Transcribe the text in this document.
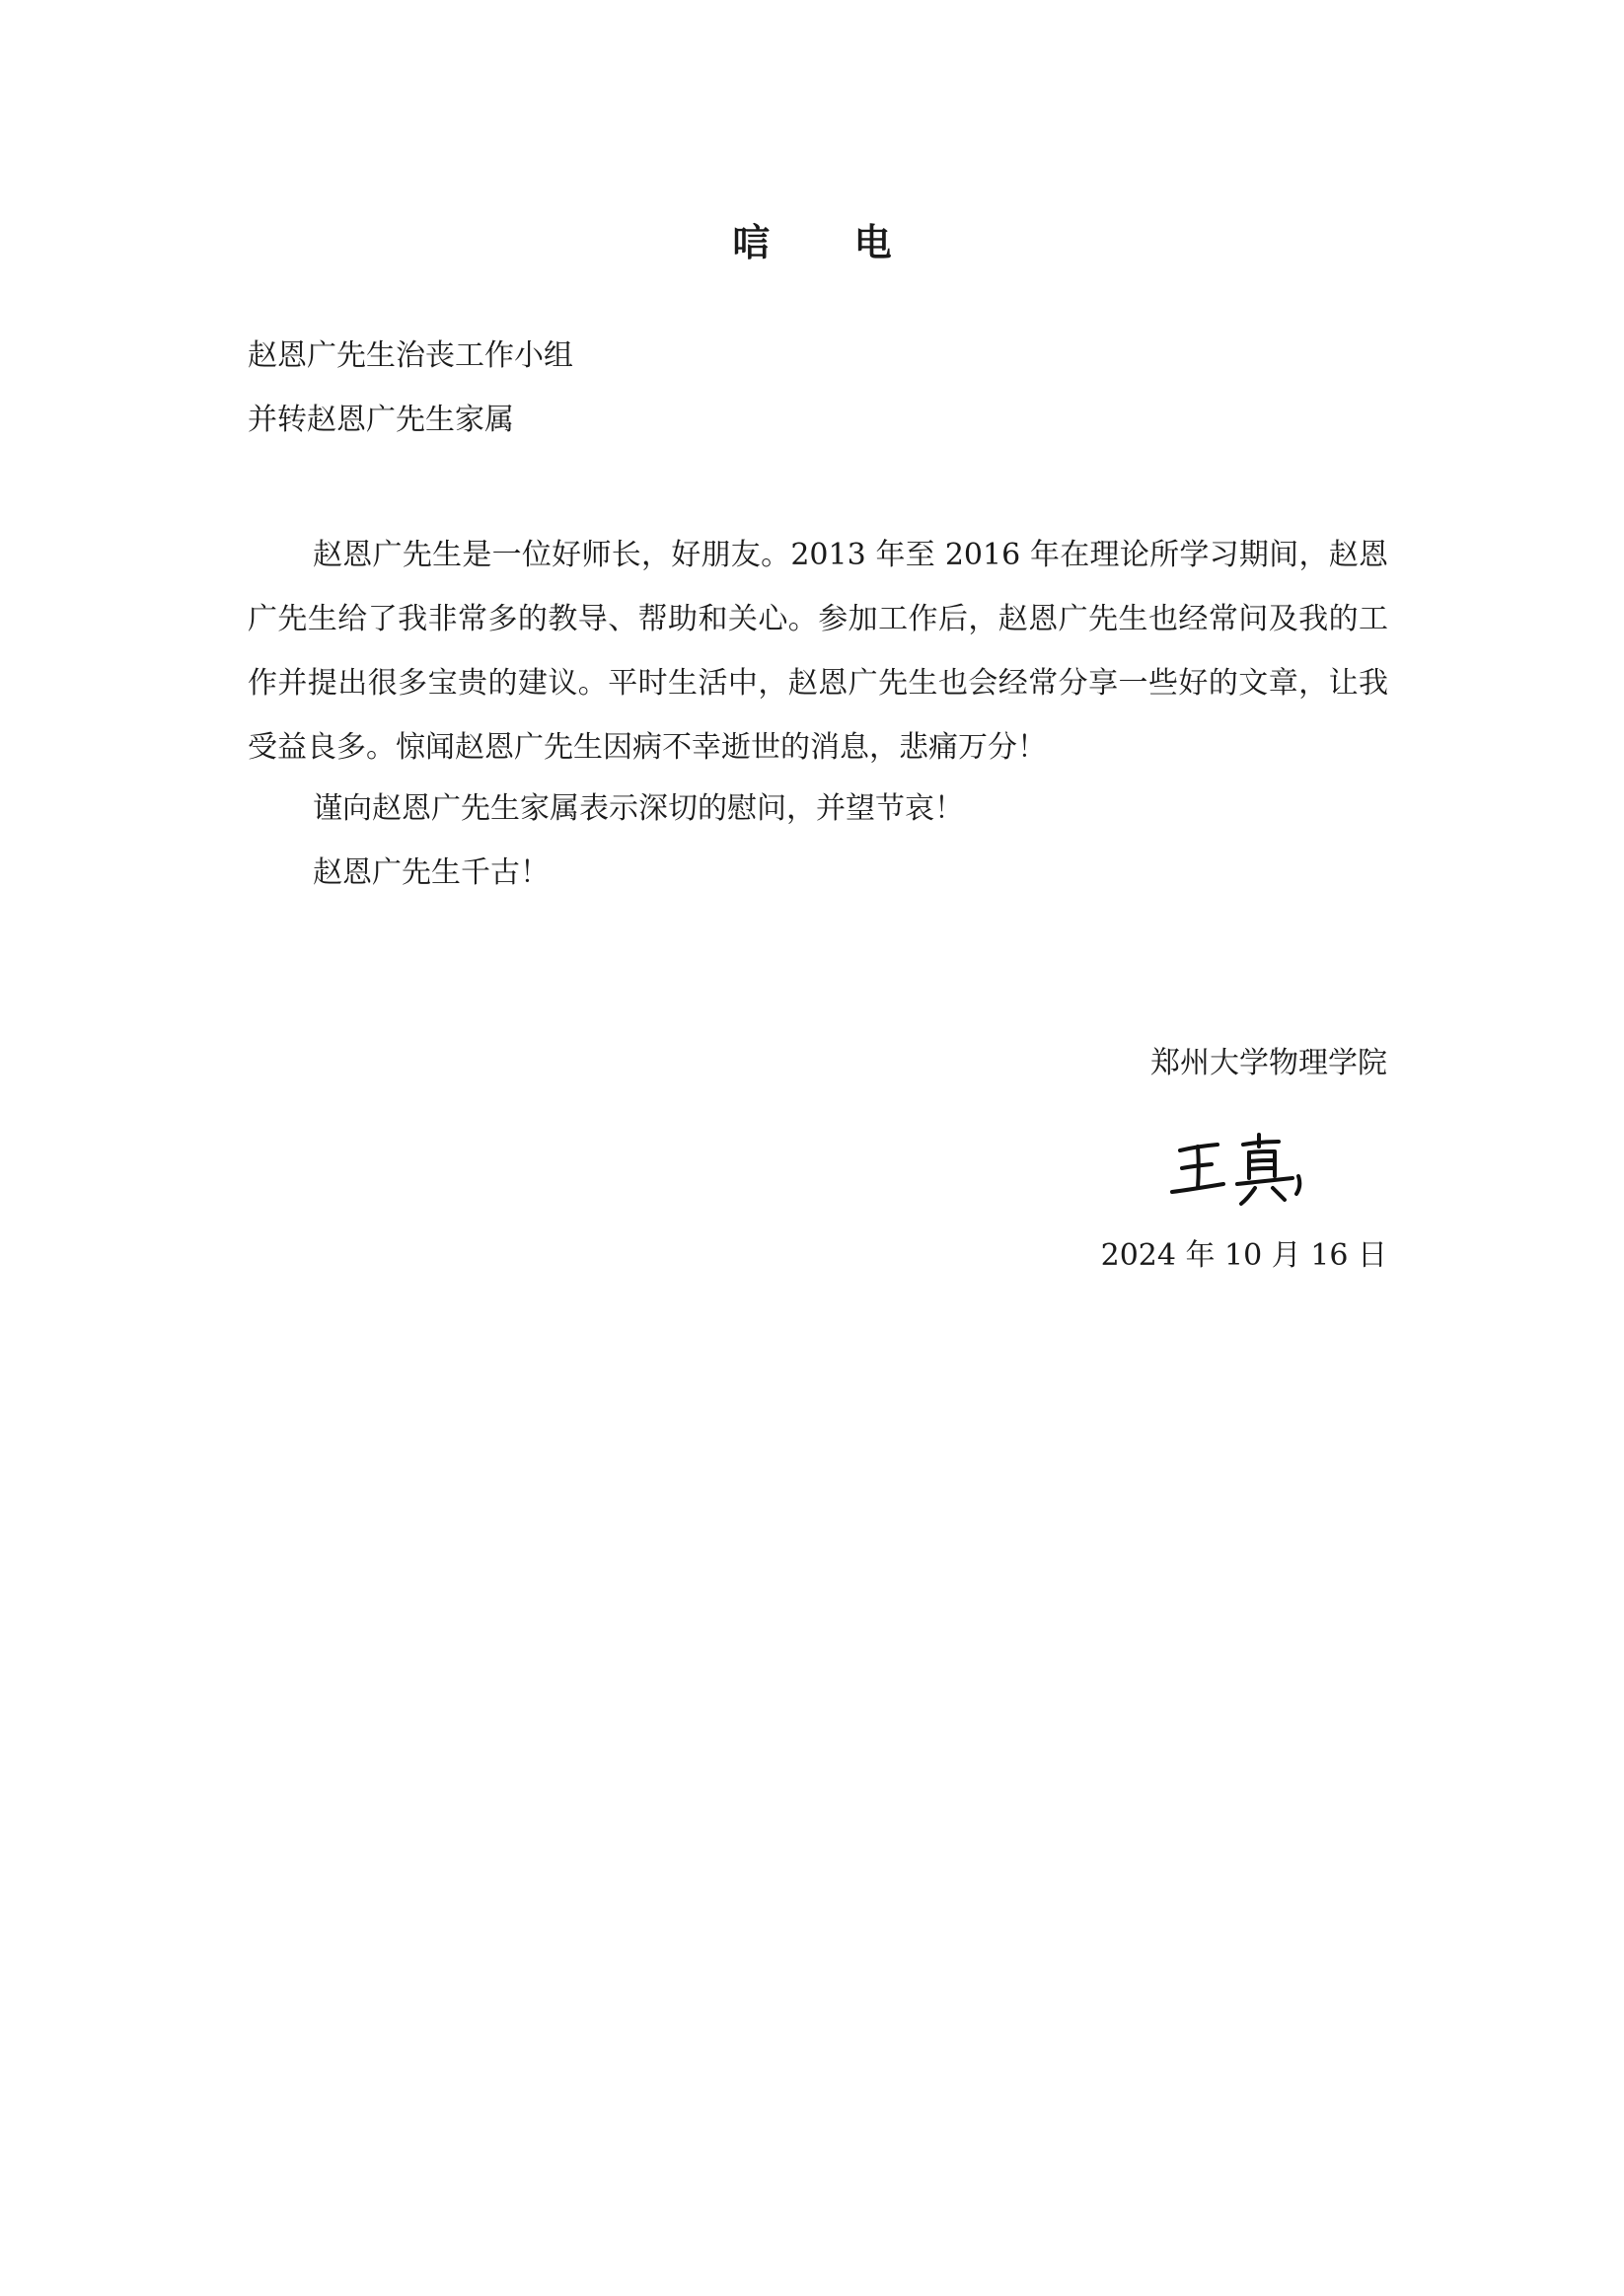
唁 电
赵恩广先生治丧工作小组
并转赵恩广先生家属

赵恩广先生是一位好师长，好朋友。2013 年至 2016 年在理论所学习期间，赵恩广先生给了我非常多的教导、帮助和关心。参加工作后，赵恩广先生也经常问及我的工作并提出很多宝贵的建议。平时生活中，赵恩广先生也会经常分享一些好的文章，让我受益良多。惊闻赵恩广先生因病不幸逝世的消息，悲痛万分！

谨向赵恩广先生家属表示深切的慰问，并望节哀！
赵恩广先生千古！
郑州大学物理学院
2024 年 10 月 16 日
